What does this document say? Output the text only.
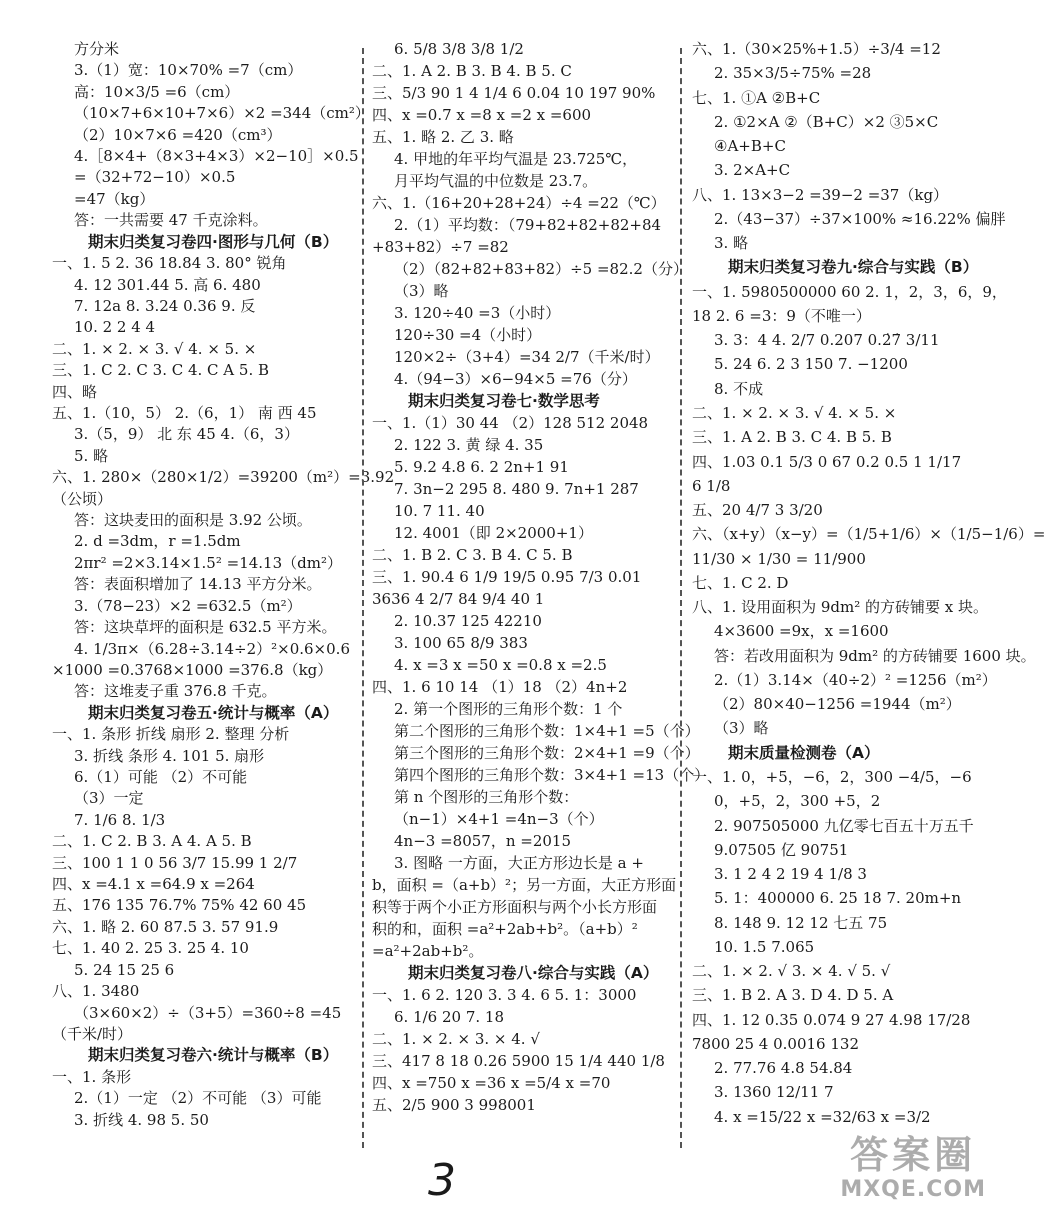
方分米
3.（1）宽：10×70% =7（cm）
高：10×3/5 =6（cm）
（10×7+6×10+7×6）×2 =344（cm²）
（2）10×7×6 =420（cm³）
4.［8×4+（8×3+4×3）×2−10］×0.5
=（32+72−10）×0.5
=47（kg）
答：一共需要 47 千克涂料。
期末归类复习卷四·图形与几何（B）
一、1. 5 2. 36 18.84 3. 80° 锐角
4. 12 301.44 5. 高 6. 480
7. 12a 8. 3.24 0.36 9. 反
10. 2 2 4 4
二、1. × 2. × 3. √ 4. × 5. ×
三、1. C 2. C 3. C 4. C A 5. B
四、略
五、1.（10，5） 2.（6，1） 南 西 45
3.（5，9） 北 东 45 4.（6，3）
5. 略
六、1. 280×（280×1/2）=39200（m²）=3.92
（公顷）
答：这块麦田的面积是 3.92 公顷。
2. d =3dm，r =1.5dm
2πr² =2×3.14×1.5² =14.13（dm²）
答：表面积增加了 14.13 平方分米。
3.（78−23）×2 =632.5（m²）
答：这块草坪的面积是 632.5 平方米。
4. 1/3π×（6.28÷3.14÷2）²×0.6×0.6
×1000 =0.3768×1000 =376.8（kg）
答：这堆麦子重 376.8 千克。
期末归类复习卷五·统计与概率（A）
一、1. 条形 折线 扇形 2. 整理 分析
3. 折线 条形 4. 101 5. 扇形
6.（1）可能 （2）不可能
（3）一定
7. 1/6 8. 1/3
二、1. C 2. B 3. A 4. A 5. B
三、100 1 1 0 56 3/7 15.99 1 2/7
四、x =4.1 x =64.9 x =264
五、176 135 76.7% 75% 42 60 45
六、1. 略 2. 60 87.5 3. 57 91.9
七、1. 40 2. 25 3. 25 4. 10
5. 24 15 25 6
八、1. 3480
（3×60×2）÷（3+5）=360÷8 =45
（千米/时）
期末归类复习卷六·统计与概率（B）
一、1. 条形
2.（1）一定 （2）不可能 （3）可能
3. 折线 4. 98 5. 50
6. 5/8 3/8 3/8 1/2
二、1. A 2. B 3. B 4. B 5. C
三、5/3 90 1 4 1/4 6 0.04 10 197 90%
四、x =0.7 x =8 x =2 x =600
五、1. 略 2. 乙 3. 略
4. 甲地的年平均气温是 23.725℃，
月平均气温的中位数是 23.7。
六、1.（16+20+28+24）÷4 =22（℃）
2.（1）平均数：（79+82+82+82+84
+83+82）÷7 =82
（2）（82+82+83+82）÷5 =82.2（分）
（3）略
3. 120÷40 =3（小时）
120÷30 =4（小时）
120×2÷（3+4）=34 2/7（千米/时）
4.（94−3）×6−94×5 =76（分）
期末归类复习卷七·数学思考
一、1.（1）30 44 （2）128 512 2048
2. 122 3. 黄 绿 4. 35
5. 9.2 4.8 6. 2 2n+1 91
7. 3n−2 295 8. 480 9. 7n+1 287
10. 7 11. 40
12. 4001（即 2×2000+1）
二、1. B 2. C 3. B 4. C 5. B
三、1. 90.4 6 1/9 19/5 0.95 7/3 0.01
3636 4 2/7 84 9/4 40 1
2. 10.37 125 42210
3. 100 65 8/9 383
4. x =3 x =50 x =0.8 x =2.5
四、1. 6 10 14 （1）18 （2）4n+2
2. 第一个图形的三角形个数：1 个
第二个图形的三角形个数：1×4+1 =5（个）
第三个图形的三角形个数：2×4+1 =9（个）
第四个图形的三角形个数：3×4+1 =13（个）
第 n 个图形的三角形个数：
（n−1）×4+1 =4n−3（个）
4n−3 =8057，n =2015
3. 图略 一方面，大正方形边长是 a +
b，面积 =（a+b）²；另一方面，大正方形面
积等于两个小正方形面积与两个小长方形面
积的和，面积 =a²+2ab+b²。（a+b）²
=a²+2ab+b²。
期末归类复习卷八·综合与实践（A）
一、1. 6 2. 120 3. 3 4. 6 5. 1：3000
6. 1/6 20 7. 18
二、1. × 2. × 3. × 4. √
三、417 8 18 0.26 5900 15 1/4 440 1/8
四、x =750 x =36 x =5/4 x =70
五、2/5 900 3 998001
六、1.（30×25%+1.5）÷3/4 =12
2. 35×3/5÷75% =28
七、1. ①A ②B+C
2. ①2×A ②（B+C）×2 ③5×C
④A+B+C
3. 2×A+C
八、1. 13×3−2 =39−2 =37（kg）
2.（43−37）÷37×100% ≈16.22% 偏胖
3. 略
期末归类复习卷九·综合与实践（B）
一、1. 5980500000 60 2. 1，2，3，6，9，
18 2. 6 =3：9（不唯一）
3. 3：4 4. 2/7 0.207 0.2̇7̇ 3/11
5. 24 6. 2 3 150 7. −1200
8. 不成
二、1. × 2. × 3. √ 4. × 5. ×
三、1. A 2. B 3. C 4. B 5. B
四、1.03 0.1 5/3 0 67 0.2 0.5 1 1/17
6 1/8
五、20 4/7 3 3/20
六、（x+y）（x−y）=（1/5+1/6）×（1/5−1/6）=
11/30 × 1/30 = 11/900
七、1. C 2. D
八、1. 设用面积为 9dm² 的方砖铺要 x 块。
4×3600 =9x，x =1600
答：若改用面积为 9dm² 的方砖铺要 1600 块。
2.（1）3.14×（40÷2）² =1256（m²）
（2）80×40−1256 =1944（m²）
（3）略
期末质量检测卷（A）
一、1. 0，+5，−6，2，300 −4/5，−6
0，+5，2，300 +5，2
2. 907505000 九亿零七百五十万五千
9.07505 亿 90751
3. 1 2 4 2 19 4 1/8 3
5. 1：400000 6. 25 18 7. 20m+n
8. 148 9. 12 12 七五 75
10. 1.5 7.065
二、1. × 2. √ 3. × 4. √ 5. √
三、1. B 2. A 3. D 4. D 5. A
四、1. 12 0.35 0.074 9 27 4.98 17/28
7800 25 4 0.0016 132
2. 77.76 4.8 54.84
3. 1360 12/11 7
4. x =15/22 x =32/63 x =3/2
3	答案圈
MXQE.COM
